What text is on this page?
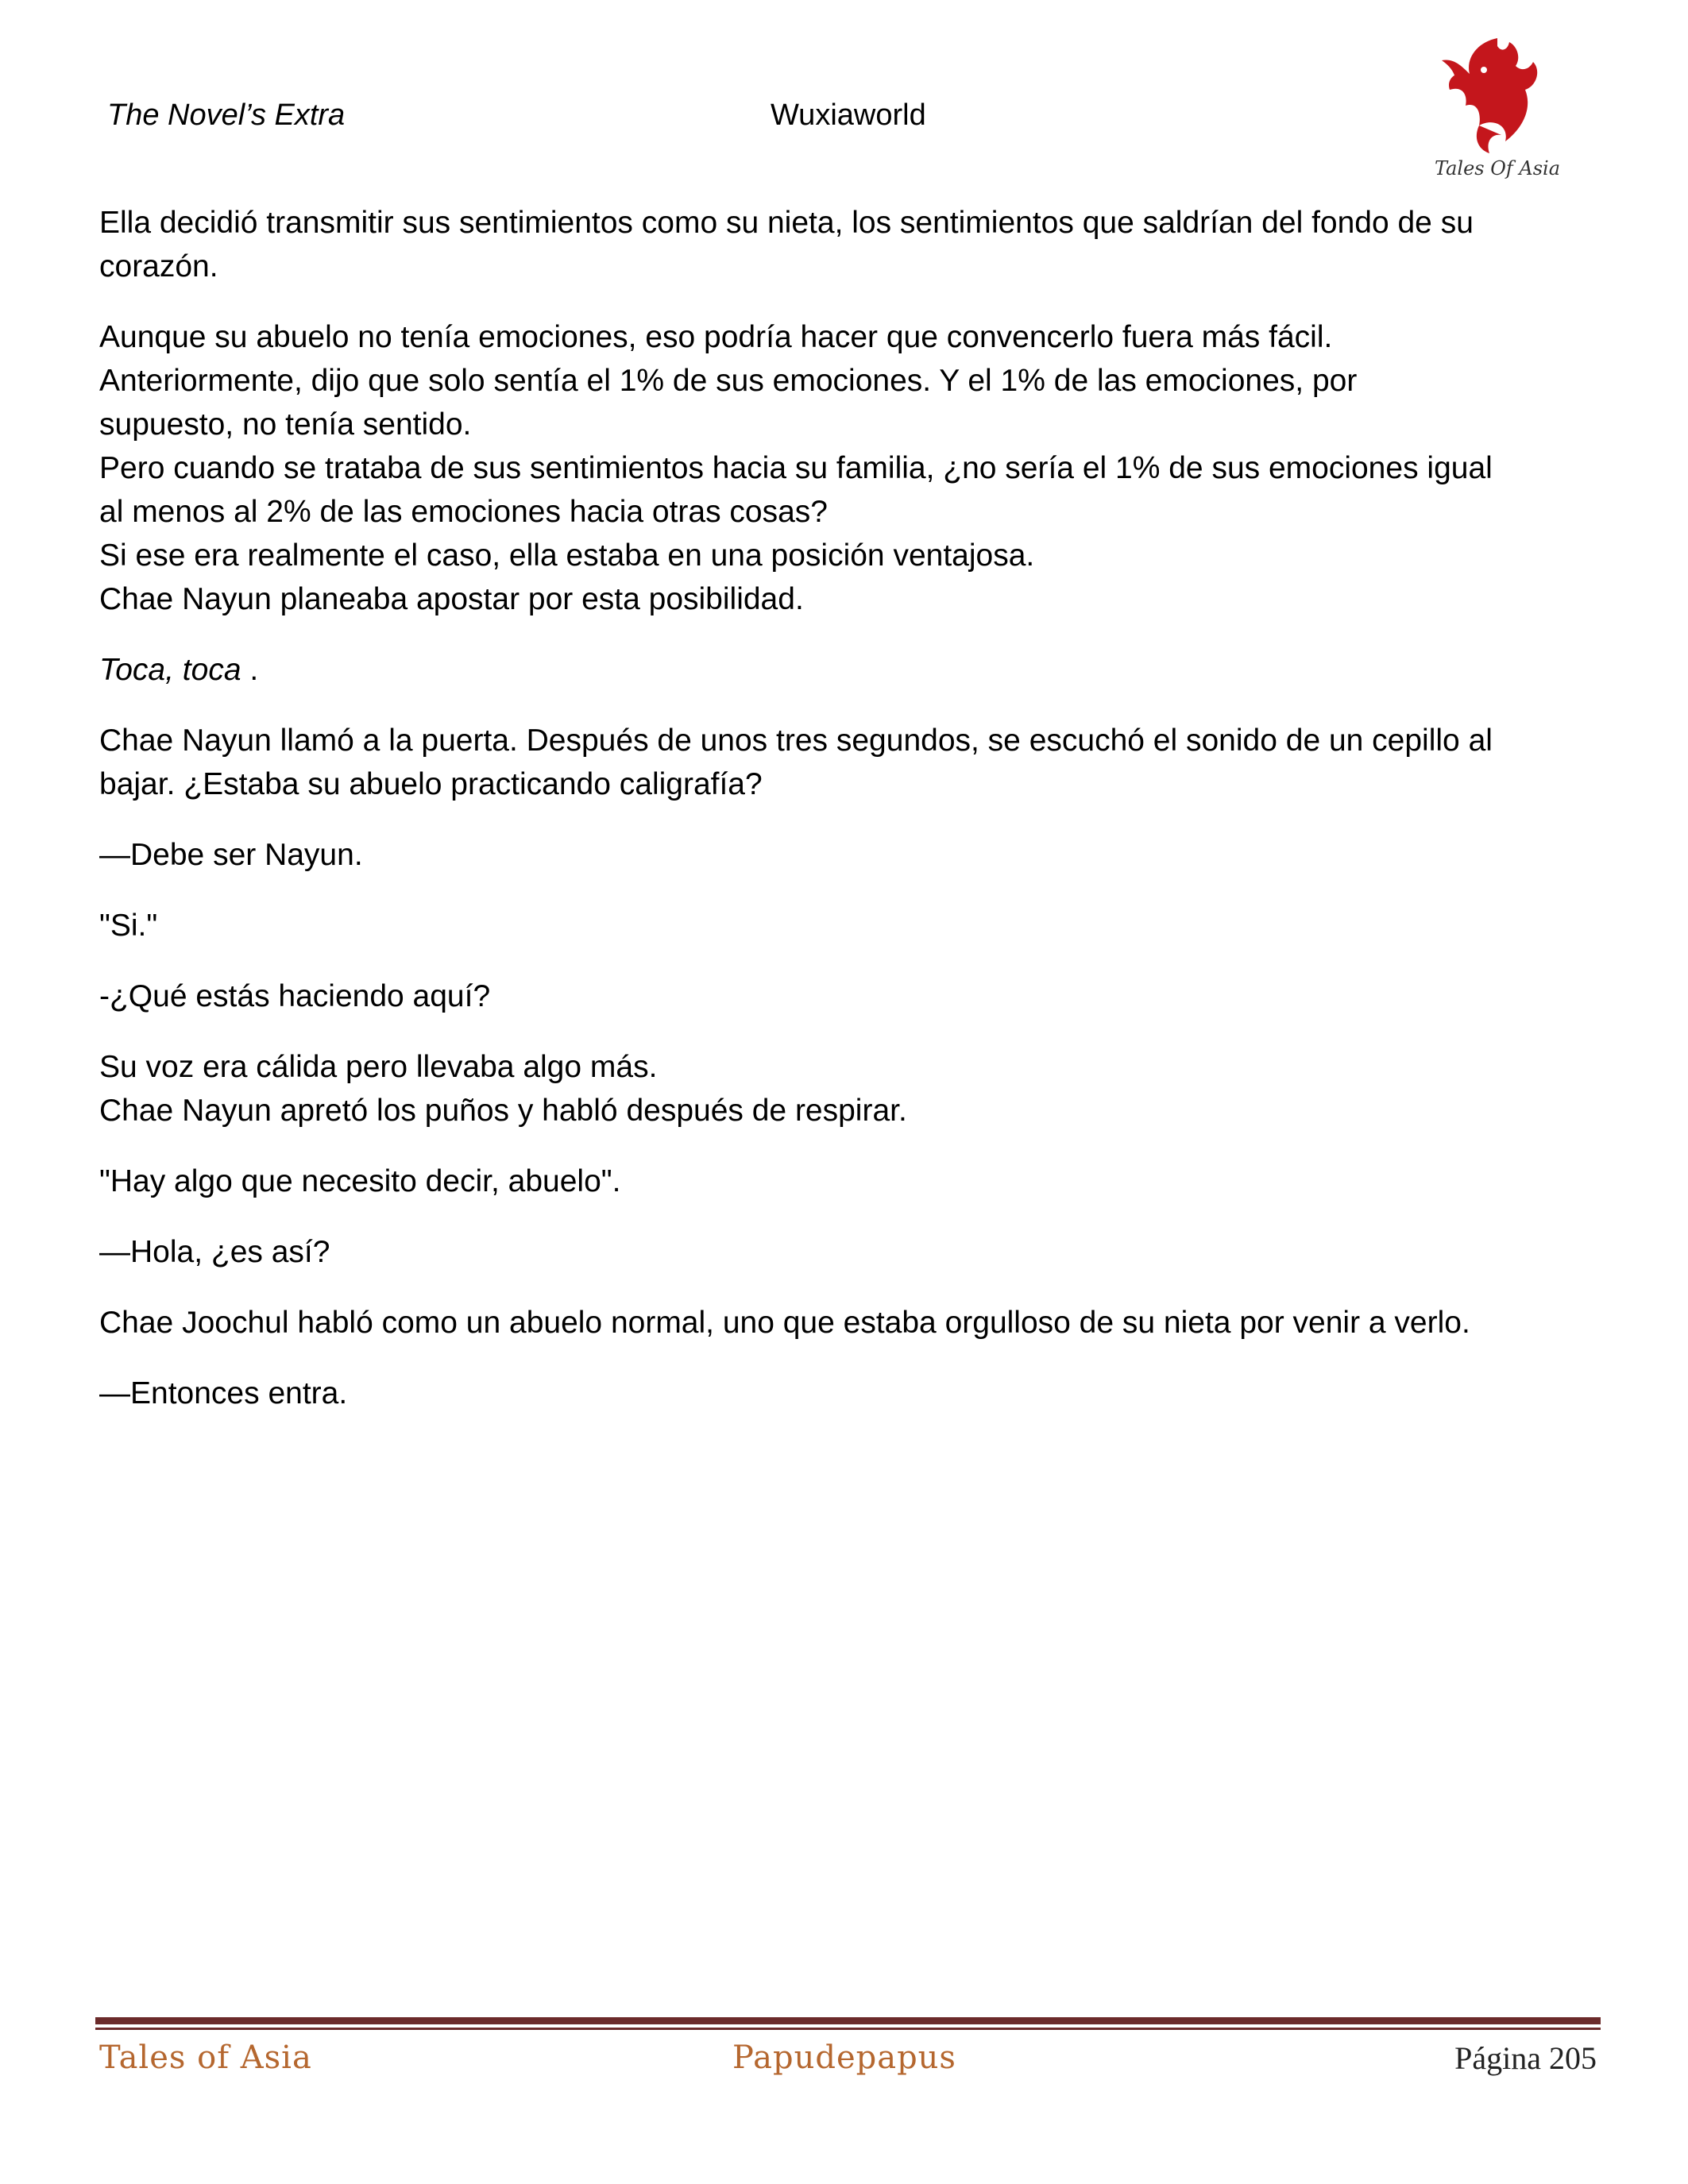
The Novel’s Extra	Wuxiaworld
Tales Of Asia

Ella decidió transmitir sus sentimientos como su nieta, los sentimientos que saldrían del fondo de su
corazón.

Aunque su abuelo no tenía emociones, eso podría hacer que convencerlo fuera más fácil.
Anteriormente, dijo que solo sentía el 1% de sus emociones. Y el 1% de las emociones, por
supuesto, no tenía sentido.
Pero cuando se trataba de sus sentimientos hacia su familia, ¿no sería el 1% de sus emociones igual
al menos al 2% de las emociones hacia otras cosas?
Si ese era realmente el caso, ella estaba en una posición ventajosa.
Chae Nayun planeaba apostar por esta posibilidad.

Toca, toca .

Chae Nayun llamó a la puerta. Después de unos tres segundos, se escuchó el sonido de un cepillo al
bajar. ¿Estaba su abuelo practicando caligrafía?

—Debe ser Nayun.

"Si."

-¿Qué estás haciendo aquí?

Su voz era cálida pero llevaba algo más.
Chae Nayun apretó los puños y habló después de respirar.

"Hay algo que necesito decir, abuelo".

—Hola, ¿es así?

Chae Joochul habló como un abuelo normal, uno que estaba orgulloso de su nieta por venir a verlo.

—Entonces entra.

Tales of Asia	Papudepapus	Página 205
